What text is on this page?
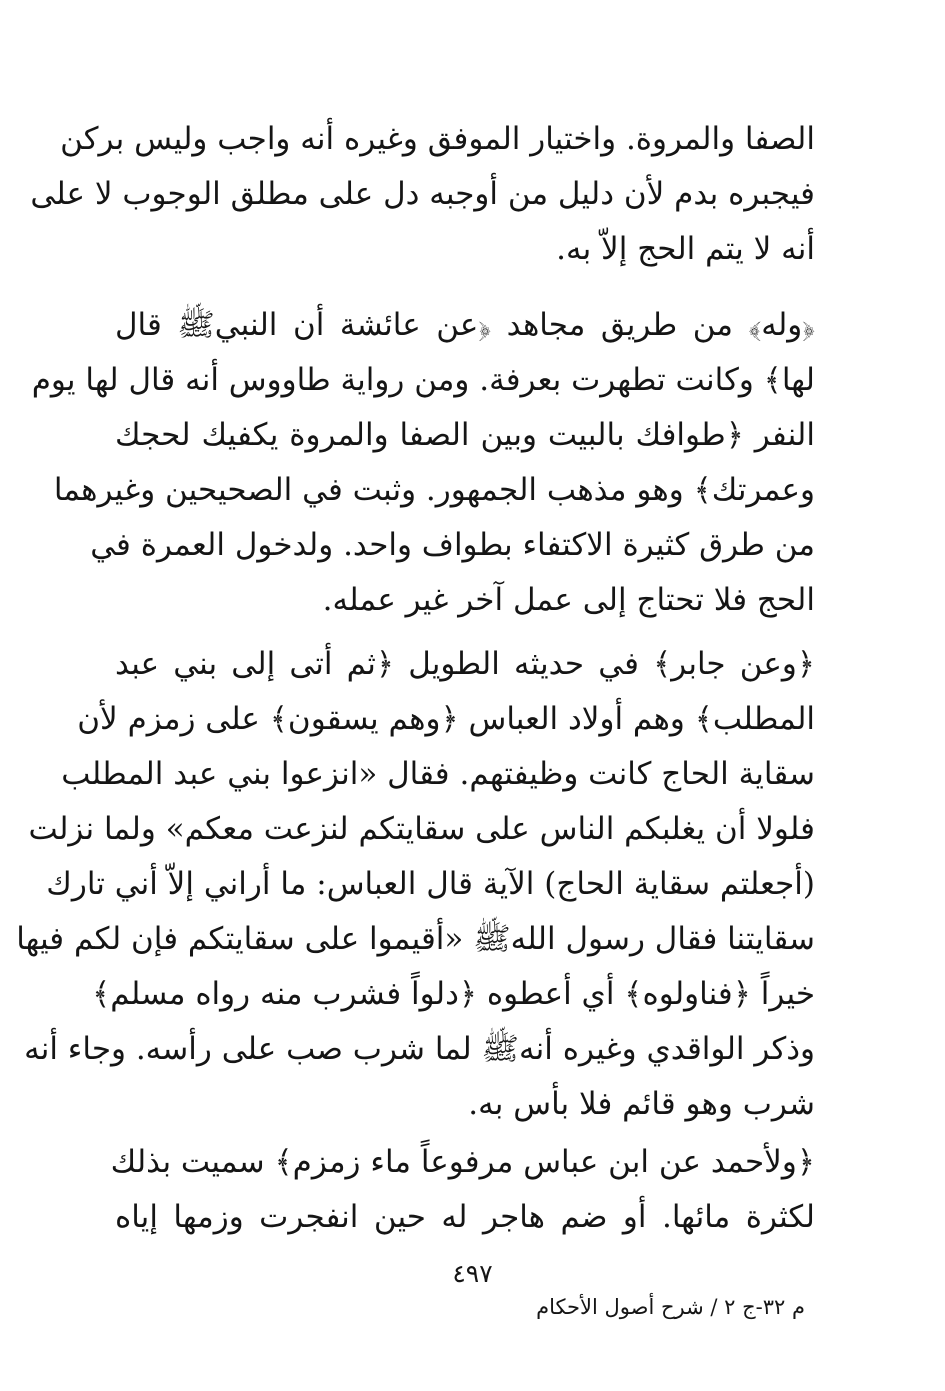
الصفا والمروة. واختيار الموفق وغيره أنه واجب وليس بركن
فيجبره بدم لأن دليل من أوجبه دل على مطلق الوجوب لا على
أنه لا يتم الحج إلاّ به.
﴿وله﴾ من طريق مجاهد ﴿عن عائشة أن النبيﷺ قال
لها﴾ وكانت تطهرت بعرفة. ومن رواية طاووس أنه قال لها يوم
النفر ﴿طوافك بالبيت وبين الصفا والمروة يكفيك لحجك
وعمرتك﴾ وهو مذهب الجمهور. وثبت في الصحيحين وغيرهما
من طرق كثيرة الاكتفاء بطواف واحد. ولدخول العمرة في
الحج فلا تحتاج إلى عمل آخر غير عمله.
﴿وعن جابر﴾ في حديثه الطويل ﴿ثم أتى إلى بني عبد
المطلب﴾ وهم أولاد العباس ﴿وهم يسقون﴾ على زمزم لأن
سقاية الحاج كانت وظيفتهم. فقال «انزعوا بني عبد المطلب
فلولا أن يغلبكم الناس على سقايتكم لنزعت معكم» ولما نزلت
(أجعلتم سقاية الحاج) الآية قال العباس: ما أراني إلاّ أني تارك
سقايتنا فقال رسول اللهﷺ «أقيموا على سقايتكم فإن لكم فيها
خيراً ﴿فناولوه﴾ أي أعطوه ﴿دلواً فشرب منه رواه مسلم﴾
وذكر الواقدي وغيره أنهﷺ لما شرب صب على رأسه. وجاء أنه
شرب وهو قائم فلا بأس به.
﴿ولأحمد عن ابن عباس مرفوعاً ماء زمزم﴾ سميت بذلك
لكثرة مائها. أو ضم هاجر له حين انفجرت وزمها إياه
٤٩٧
م ٣٢-ج ٢ / شرح أصول الأحكام
